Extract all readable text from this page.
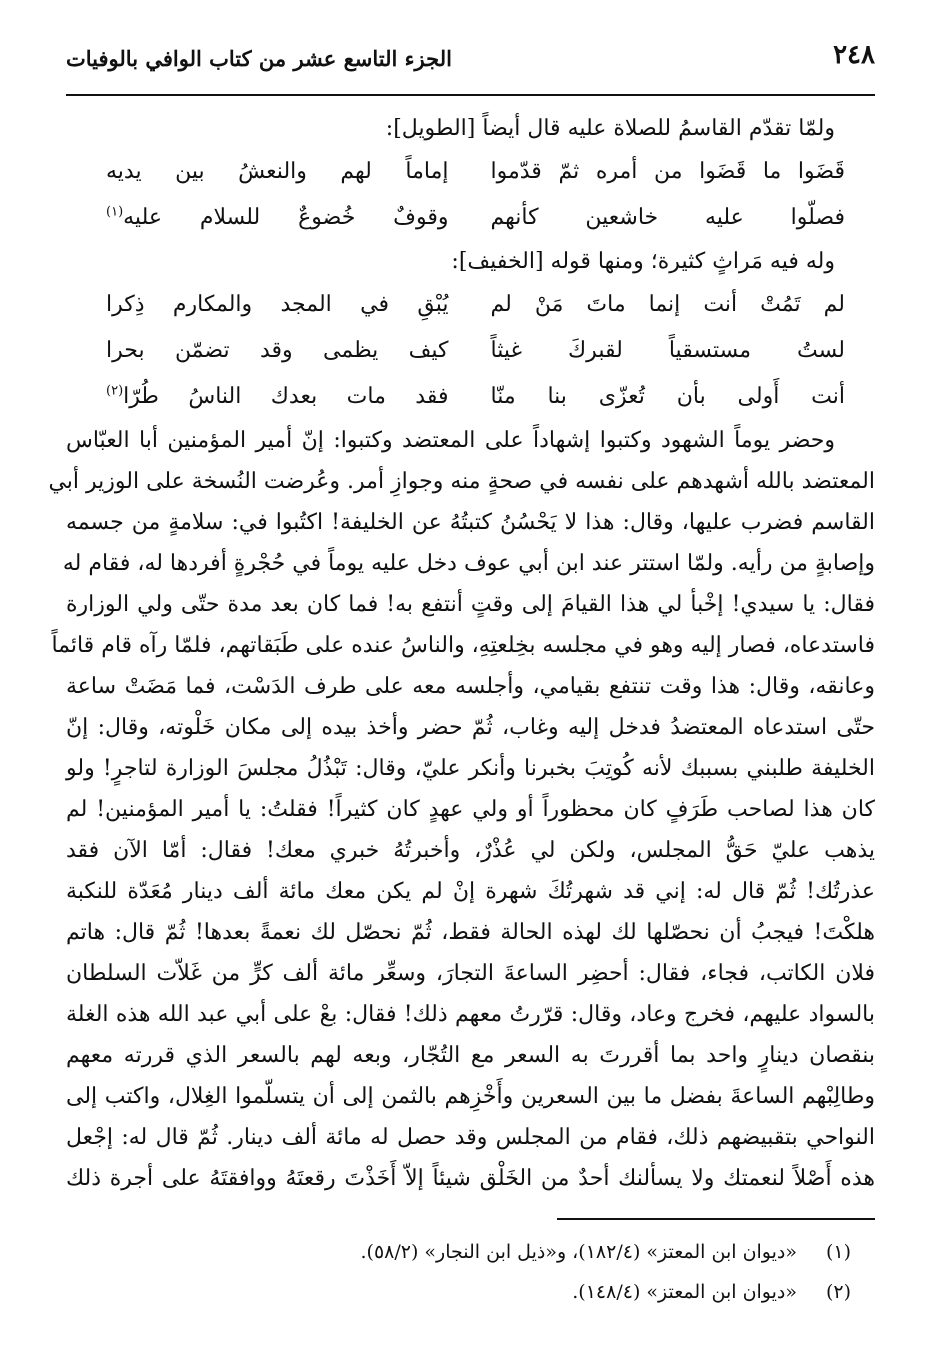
٢٤٨
الجزء التاسع عشر من كتاب الوافي بالوفيات
ولمّا تقدّم القاسمُ للصلاة عليه قال أيضاً [الطويل]:
قَضَوا ما قَضَوا من أمره ثمّ قدّموا
إماماً لهم والنعشُ بين يديه
فصلّوا عليه خاشعين كأنهم
وقوفٌ خُضوعٌ للسلام عليه$^{(١)}$
وله فيه مَراثٍ كثيرة؛ ومنها قوله [الخفيف]:
لم تَمُتْ أنت إنما ماتَ مَنْ لم
يُبْقِ في المجد والمكارم ذِكرا
لستُ مستسقياً لقبركَ غيثاً
كيف يظمى وقد تضمّن بحرا
أنت أَولى بأن تُعزّى بنا منّا
فقد مات بعدك الناسُ طُرّا$^{(٢)}$
وحضر يوماً الشهود وكتبوا إشهاداً على المعتضد وكتبوا: إنّ أمير المؤمنين أبا العبّاس
المعتضد بالله أشهدهم على نفسه في صحةٍ منه وجوازِ أمر. وعُرضت النُسخة على الوزير أبي
القاسم فضرب عليها، وقال: هذا لا يَحْسُنُ كتبتُهُ عن الخليفة! اكتُبوا في: سلامةٍ من جسمه
وإصابةٍ من رأيه. ولمّا استتر عند ابن أبي عوف دخل عليه يوماً في حُجْرةٍ أفردها له، فقام له
فقال: يا سيدي! إخْبأ لي هذا القيامَ إلى وقتٍ أنتفع به! فما كان بعد مدة حتّى ولي الوزارة
فاستدعاه، فصار إليه وهو في مجلسه بخِلعتِهِ، والناسُ عنده على طَبَقاتهم، فلمّا رآه قام قائماً
وعانقه، وقال: هذا وقت تنتفع بقيامي، وأجلسه معه على طرف الدَسْت، فما مَضَتْ ساعة
حتّى استدعاه المعتضدُ فدخل إليه وغاب، ثُمّ حضر وأخذ بيده إلى مكان خَلْوته، وقال: إنّ
الخليفة طلبني بسببك لأنه كُوتِبَ بخبرنا وأنكر عليّ، وقال: تَبْذُلُ مجلسَ الوزارة لتاجرٍ! ولو
كان هذا لصاحب طَرَفٍ كان محظوراً أو ولي عهدٍ كان كثيراً! فقلتُ: يا أمير المؤمنين! لم
يذهب عليّ حَقُّ المجلس، ولكن لي عُذْرٌ، وأخبرتُهُ خبري معك! فقال: أمّا الآن فقد
عذرتُك! ثُمّ قال له: إني قد شهرتُكَ شهرة إنْ لم يكن معك مائة ألف دينار مُعَدّة للنكبة
هلكْتَ! فيجبُ أن نحصّلها لك لهذه الحالة فقط، ثُمّ نحصّل لك نعمةً بعدها! ثُمّ قال: هاتم
فلان الكاتب، فجاء، فقال: أحضِر الساعةَ التجارَ، وسعِّر مائة ألف كرٍّ من غَلاّت السلطان
بالسواد عليهم، فخرج وعاد، وقال: قرّرتُ معهم ذلك! فقال: بعْ على أبي عبد الله هذه الغلة
بنقصان دينارٍ واحد بما أقررتَ به السعر مع التُجّار، وبعه لهم بالسعر الذي قررته معهم
وطالِبْهم الساعةَ بفضل ما بين السعرين وأَخْزِهم بالثمن إلى أن يتسلّموا الغِلال، واكتب إلى
النواحي بتقبيضهم ذلك، فقام من المجلس وقد حصل له مائة ألف دينار. ثُمّ قال له: إجْعل
هذه أَصْلاً لنعمتك ولا يسألنك أحدٌ من الخَلْق شيئاً إلاّ أَخَذْتَ رقعتَهُ ووافقتَهُ على أجرة ذلك
(١)
«ديوان ابن المعتز» (١٨٢/٤)، و«ذيل ابن النجار» (٥٨/٢).
(٢)
«ديوان ابن المعتز» (١٤٨/٤).
